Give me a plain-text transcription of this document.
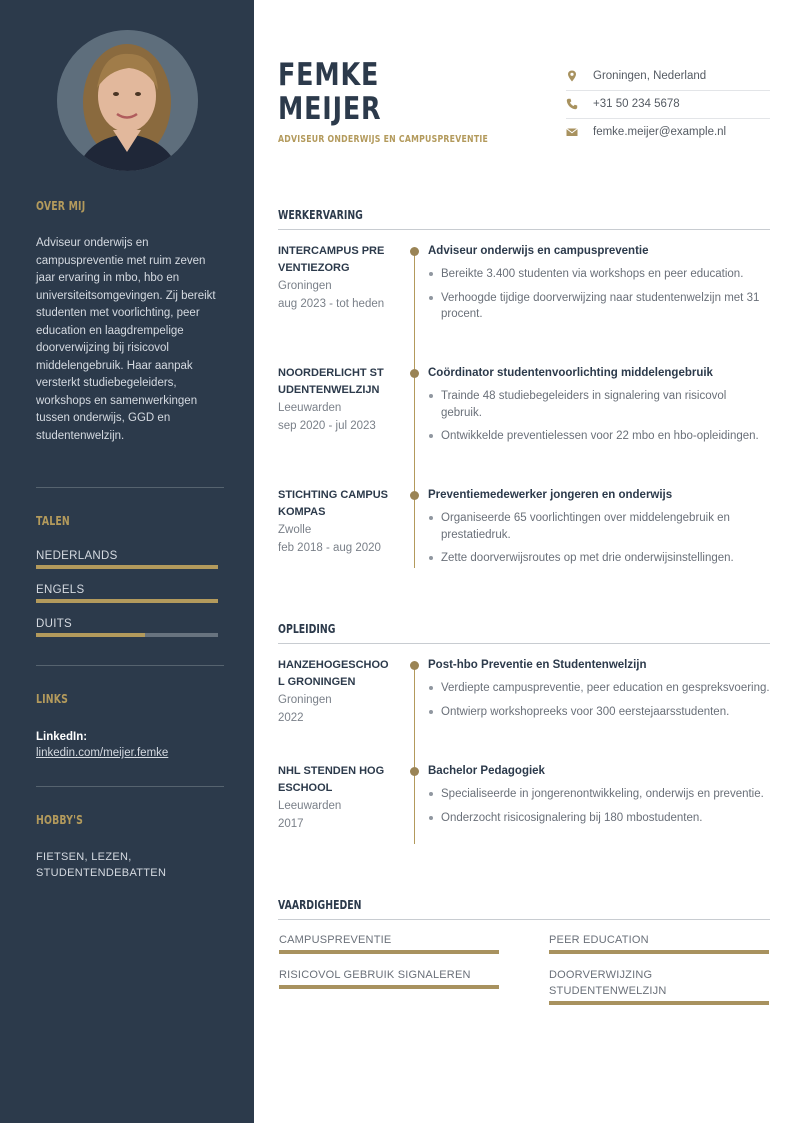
OVER MIJ

Adviseur onderwijs en campuspreventie met ruim zeven jaar ervaring in mbo, hbo en universiteitsomgevingen. Zij bereikt studenten met voorlichting, peer education en laagdrempelige doorverwijzing bij risicovol middelengebruik. Haar aanpak versterkt studiebegeleiders, workshops en samenwerkingen tussen onderwijs, GGD en studentenwelzijn.

TALEN
NEDERLANDS
ENGELS
DUITS
LINKS
LinkedIn:
linkedin.com/meijer.femke
HOBBY'S

FIETSEN, LEZEN, STUDENTENDEBATTEN

FEMKE
MEIJER
ADVISEUR ONDERWIJS EN CAMPUSPREVENTIE
Groningen, Nederland
+31 50 234 5678
femke.meijer@example.nl
WERKERVARING
INTERCAMPUS PREVENTIEZORG
Groningen
aug 2023 - tot heden
Adviseur onderwijs en campuspreventie
Bereikte 3.400 studenten via workshops en peer education.
Verhoogde tijdige doorverwijzing naar studentenwelzijn met 31 procent.
NOORDERLICHT STUDENTENWELZIJN
Leeuwarden
sep 2020 - jul 2023
Coördinator studentenvoorlichting middelengebruik
Trainde 48 studiebegeleiders in signalering van risicovol gebruik.
Ontwikkelde preventielessen voor 22 mbo en hbo-opleidingen.
STICHTING CAMPUSKOMPAS
Zwolle
feb 2018 - aug 2020
Preventiemedewerker jongeren en onderwijs
Organiseerde 65 voorlichtingen over middelengebruik en prestatiedruk.
Zette doorverwijsroutes op met drie onderwijsinstellingen.
OPLEIDING
HANZEHOGESCHOOL GRONINGEN
Groningen
2022
Post-hbo Preventie en Studentenwelzijn
Verdiepte campuspreventie, peer education en gespreksvoering.
Ontwierp workshopreeks voor 300 eerstejaarsstudenten.
NHL STENDEN HOGESCHOOL
Leeuwarden
2017
Bachelor Pedagogiek
Specialiseerde in jongerenontwikkeling, onderwijs en preventie.
Onderzocht risicosignalering bij 180 mbostudenten.
VAARDIGHEDEN
CAMPUSPREVENTIE	PEER EDUCATION
RISICOVOL GEBRUIK SIGNALEREN	DOORVERWIJZING STUDENTENWELZIJN
